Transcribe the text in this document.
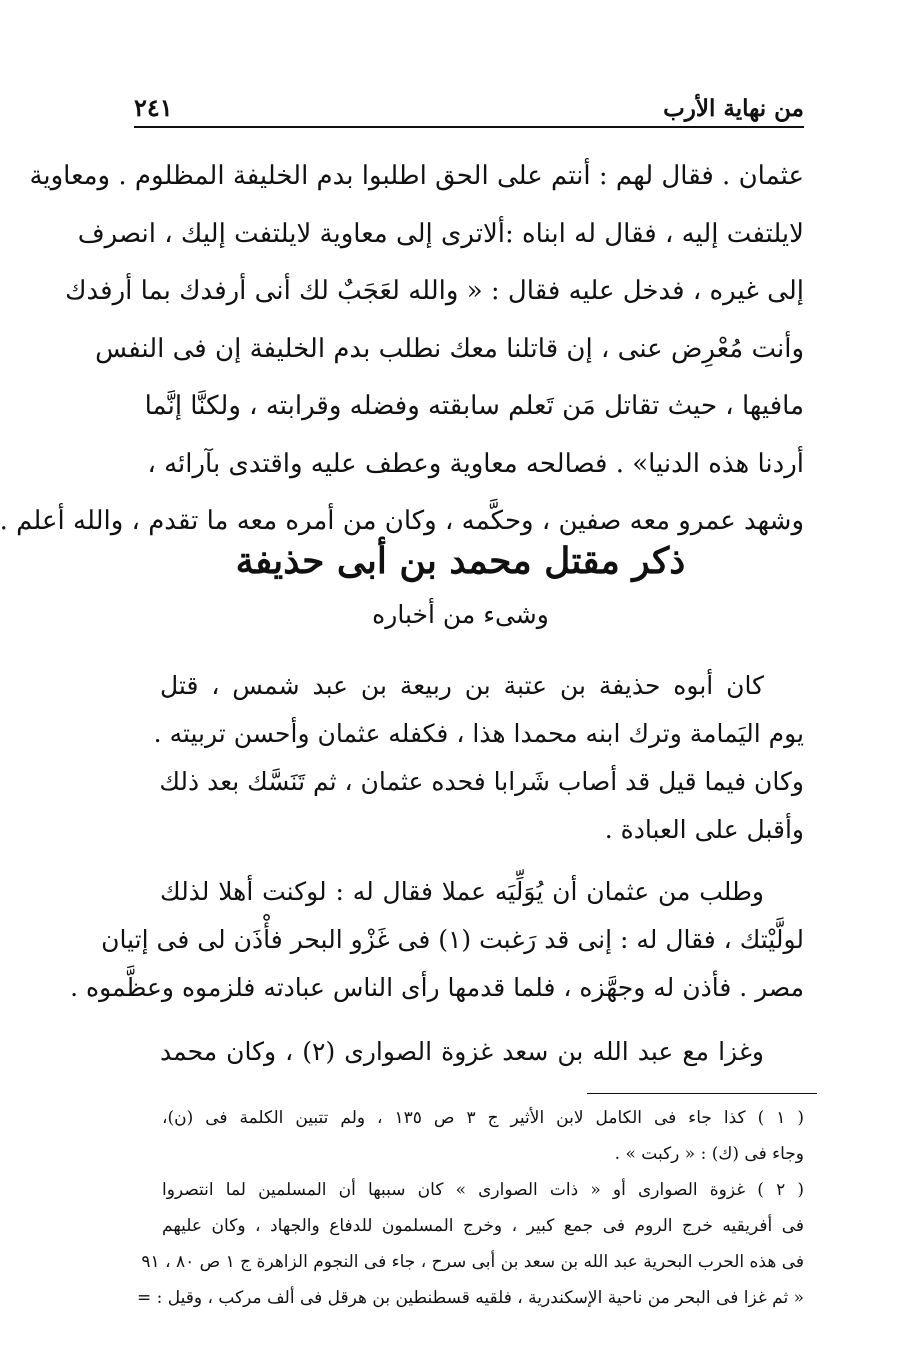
من نهاية الأرب
٢٤١
عثمان . فقال لهم : أنتم على الحق اطلبوا بدم الخليفة المظلوم . ومعاوية
لايلتفت إليه ، فقال له ابناه :ألاترى إلى معاوية لايلتفت إليك ، انصرف
إلى غيره ، فدخل عليه فقال : « والله لعَجَبٌ لك أنى أرفدك بما أرفدك
وأنت مُعْرِض عنى ، إن قاتلنا معك نطلب بدم الخليفة إن فى النفس
مافيها ، حيث تقاتل مَن تَعلم سابقته وفضله وقرابته ، ولكنَّا إنَّما
أردنا هذه الدنيا» . فصالحه معاوية وعطف عليه واقتدى بآرائه ،
وشهد عمرو معه صفين ، وحكَّمه ، وكان من أمره معه ما تقدم ، والله أعلم .
ذكر مقتل محمد بن أبى حذيفة
وشىء من أخباره
كان أبوه حذيفة بن عتبة بن ربيعة بن عبد شمس ، قتل
يوم اليَمامة وترك ابنه محمدا هذا ، فكفله عثمان وأحسن تربيته .
وكان فيما قيل قد أصاب شَرابا فحده عثمان ، ثم تَنَسَّك بعد ذلك
وأقبل على العبادة .
وطلب من عثمان أن يُوَلِّيَه عملا فقال له : لوكنت أهلا لذلك
لولَّيْتك ، فقال له : إنى قد رَغبت (١) فى غَزْو البحر فأْذَن لى فى إتيان
مصر . فأذن له وجهَّزه ، فلما قدمها رأى الناس عبادته فلزموه وعظَّموه .
وغزا مع عبد الله بن سعد غزوة الصوارى (٢) ، وكان محمد
( ١ ) كذا جاء فى الكامل لابن الأثير ج ٣ ص ١٣٥ ، ولم تتبين الكلمة فى (ن)،
وجاء فى (ك) : « ركبت » .
( ٢ ) غزوة الصوارى أو « ذات الصوارى » كان سببها أن المسلمين لما انتصروا
فى أفريقيه خرج الروم فى جمع كبير ، وخرج المسلمون للدفاع والجهاد ، وكان عليهم
فى هذه الحرب البحرية عبد الله بن سعد بن أبى سرح ، جاء فى النجوم الزاهرة ج ١ ص ٨٠ ، ٩١
« ثم غزا فى البحر من ناحية الإسكندرية ، فلقيه قسطنطين بن هرقل فى ألف مركب ، وقيل : =
